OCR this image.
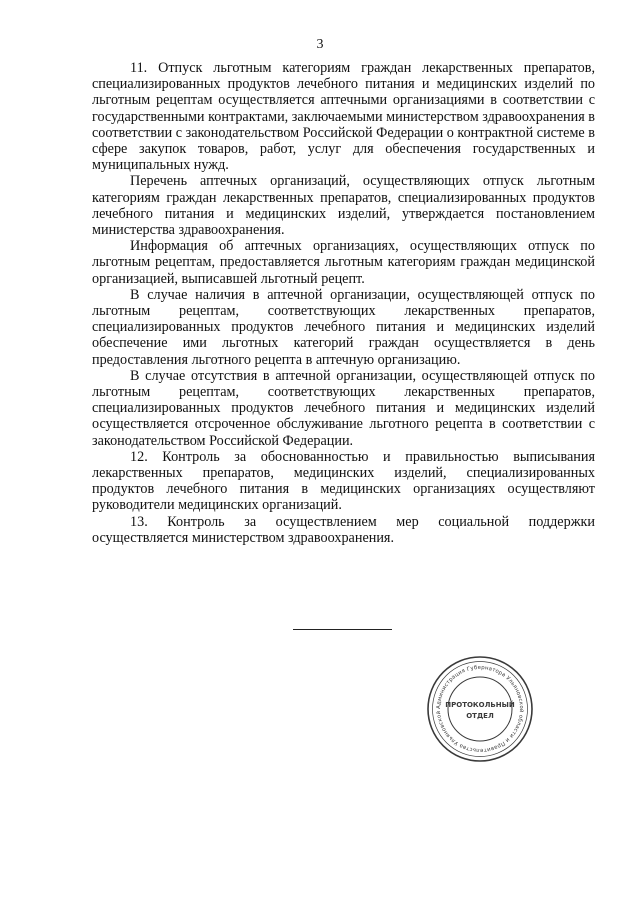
3

11. Отпуск льготным категориям граждан лекарственных препаратов, специализированных продуктов лечебного питания и медицинских изделий по льготным рецептам осуществляется аптечными организациями в соответствии с государственными контрактами, заключаемыми министерством здравоохранения в соответствии с законодательством Российской Федерации о контрактной системе в сфере закупок товаров, работ, услуг для обеспечения государственных и муниципальных нужд.

Перечень аптечных организаций, осуществляющих отпуск льготным категориям граждан лекарственных препаратов, специализированных продуктов лечебного питания и медицинских изделий, утверждается постановлением министерства здравоохранения.

Информация об аптечных организациях, осуществляющих отпуск по льготным рецептам, предоставляется льготным категориям граждан медицинской организацией, выписавшей льготный рецепт.

В случае наличия в аптечной организации, осуществляющей отпуск по льготным рецептам, соответствующих лекарственных препаратов, специализированных продуктов лечебного питания и медицинских изделий обеспечение ими льготных категорий граждан осуществляется в день предоставления льготного рецепта в аптечную организацию.

В случае отсутствия в аптечной организации, осуществляющей отпуск по льготным рецептам, соответствующих лекарственных препаратов, специализированных продуктов лечебного питания и медицинских изделий осуществляется отсроченное обслуживание льготного рецепта в соответствии с законодательством Российской Федерации.

12. Контроль за обоснованностью и правильностью выписывания лекарственных препаратов, медицинских изделий, специализированных продуктов лечебного питания в медицинских организациях осуществляют руководители медицинских организаций.

13. Контроль за осуществлением мер социальной поддержки осуществляется министерством здравоохранения.

Администрация Губернатора Ульяновской области и Правительства Ульяновской
ПРОТОКОЛЬНЫЙ
ОТДЕЛ
